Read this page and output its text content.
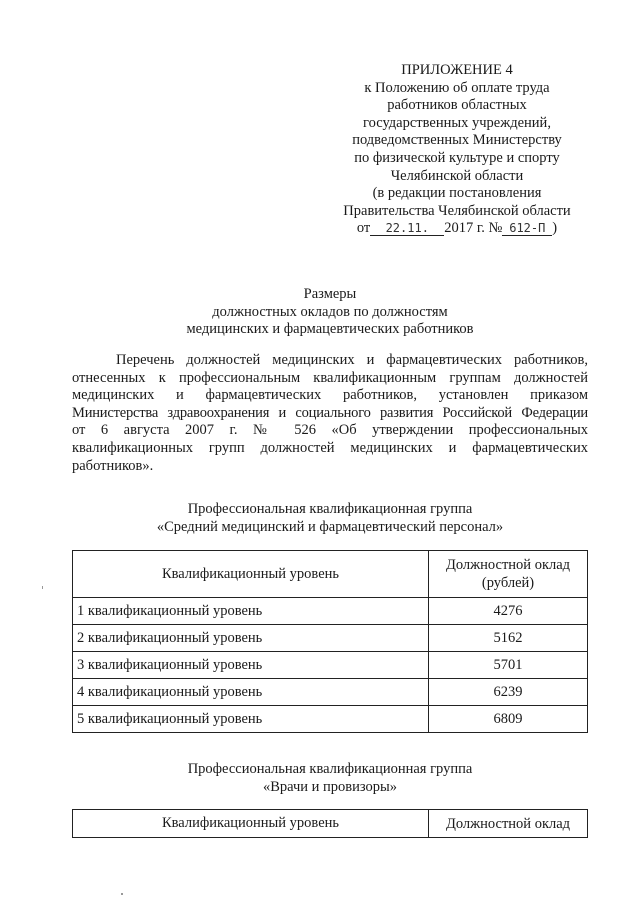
ПРИЛОЖЕНИЕ 4
к Положению об оплате труда
работников областных
государственных учреждений,
подведомственных Министерству
по физической культуре и спорту
Челябинской области
(в редакции постановления
Правительства Челябинской области
от 22.11. 2017 г. № 612-П )
Размеры
должностных окладов по должностям
медицинских и фармацевтических работников

Перечень должностей медицинских и фармацевтических работников,
отнесенных к профессиональным квалификационным группам должностей
медицинских и фармацевтических работников, установлен приказом
Министерства здравоохранения и социального развития Российской Федерации
от 6 августа 2007 г. № 526 «Об утверждении профессиональных
квалификационных групп должностей медицинских и фармацевтических
работников».

Профессиональная квалификационная группа
«Средний медицинский и фармацевтический персонал»
Квалификационный уровень	Должностной оклад
(рублей)

1 квалификационный уровень	4276
2 квалификационный уровень	5162
3 квалификационный уровень	5701
4 квалификационный уровень	6239
5 квалификационный уровень	6809
Профессиональная квалификационная группа
«Врачи и провизоры»
Квалификационный уровень	Должностной оклад
